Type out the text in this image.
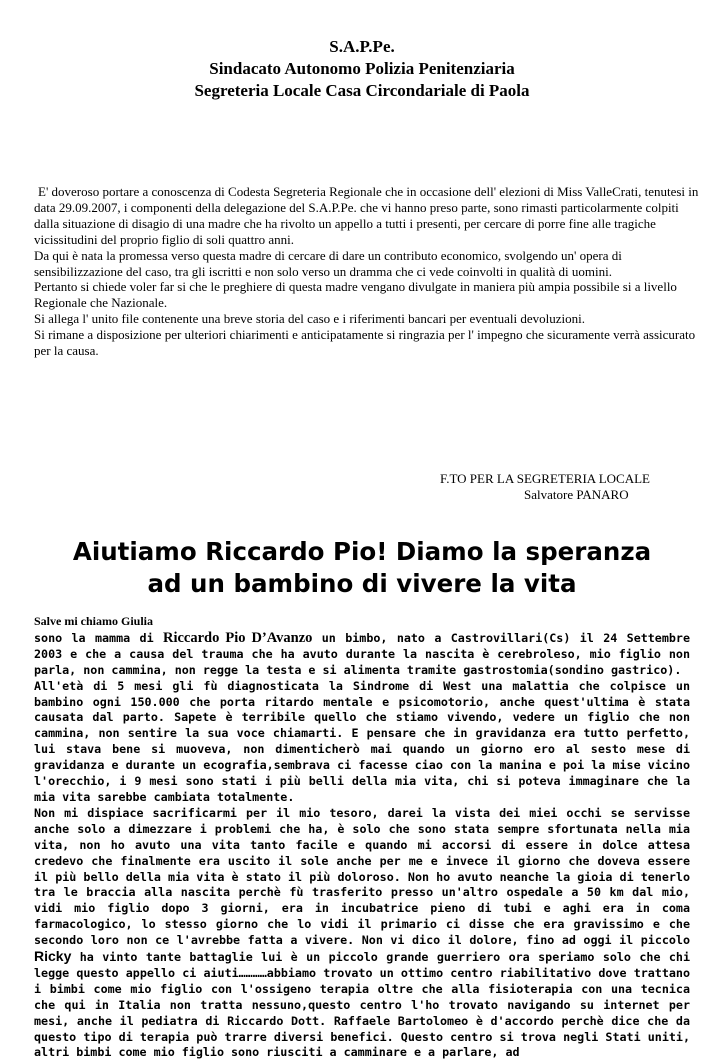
S.A.P.Pe.
Sindacato Autonomo Polizia Penitenziaria
Segreteria Locale Casa Circondariale di Paola

E' doveroso portare a conoscenza di Codesta Segreteria Regionale che in occasione dell' elezioni di Miss ValleCrati, tenutesi in data 29.09.2007, i componenti della delegazione del S.A.P.Pe. che vi hanno preso parte, sono rimasti particolarmente colpiti dalla situazione di disagio di una madre che ha rivolto un appello a tutti i presenti, per cercare di porre fine alle tragiche vicissitudini del proprio figlio di soli quattro anni.

Da qui è nata la promessa verso questa madre di cercare di dare un contributo economico, svolgendo un' opera di sensibilizzazione del caso, tra gli iscritti e non solo verso un dramma che ci vede coinvolti in qualità di uomini.

Pertanto si chiede voler far si che le preghiere di questa madre vengano divulgate in maniera più ampia possibile si a livello Regionale che Nazionale.

Si allega l' unito file contenente una breve storia del caso e i riferimenti bancari per eventuali devoluzioni.

Si rimane a disposizione per ulteriori chiarimenti e anticipatamente si ringrazia per l' impegno che sicuramente verrà assicurato per la causa.

F.TO PER LA SEGRETERIA LOCALE
Salvatore PANARO
Aiutiamo Riccardo Pio! Diamo la speranza
ad un bambino di vivere la vita

Salve mi chiamo Giulia

sono la mamma di Riccardo Pio D’Avanzo un bimbo, nato a Castrovillari(Cs) il 24 Settembre 2003 e che a causa del trauma che ha avuto durante la nascita è cerebroleso, mio figlio non parla, non cammina, non regge la testa e si alimenta tramite gastrostomia(sondino gastrico).

All'età di 5 mesi gli fù diagnosticata la Sindrome di West una malattia che colpisce un bambino ogni 150.000 che porta ritardo mentale e psicomotorio, anche quest'ultima è stata causata dal parto. Sapete è terribile quello che stiamo vivendo, vedere un figlio che non cammina, non sentire la sua voce chiamarti. E pensare che in gravidanza era tutto perfetto, lui stava bene si muoveva, non dimenticherò mai quando un giorno ero al sesto mese di gravidanza e durante un ecografia,sembrava ci facesse ciao con la manina e poi la mise vicino l'orecchio, i 9 mesi sono stati i più belli della mia vita, chi si poteva immaginare che la mia vita sarebbe cambiata totalmente.

Non mi dispiace sacrificarmi per il mio tesoro, darei la vista dei miei occhi se servisse anche solo a dimezzare i problemi che ha, è solo che sono stata sempre sfortunata nella mia vita, non ho avuto una vita tanto facile e quando mi accorsi di essere in dolce attesa credevo che finalmente era uscito il sole anche per me e invece il giorno che doveva essere il più bello della mia vita è stato il più doloroso. Non ho avuto neanche la gioia di tenerlo tra le braccia alla nascita perchè fù trasferito presso un'altro ospedale a 50 km dal mio, vidi mio figlio dopo 3 giorni, era in incubatrice pieno di tubi e aghi era in coma farmacologico, lo stesso giorno che lo vidi il primario ci disse che era gravissimo e che secondo loro non ce l'avrebbe fatta a vivere. Non vi dico il dolore, fino ad oggi il piccolo Ricky ha vinto tante battaglie lui è un piccolo grande guerriero ora speriamo solo che chi legge questo appello ci aiuti…………abbiamo trovato un ottimo centro riabilitativo dove trattano i bimbi come mio figlio con l'ossigeno terapia oltre che alla fisioterapia con una tecnica che qui in Italia non tratta nessuno,questo centro l'ho trovato navigando su internet per mesi, anche il pediatra di Riccardo Dott. Raffaele Bartolomeo è d'accordo perchè dice che da questo tipo di terapia può trarre diversi benefici. Questo centro si trova negli Stati uniti, altri bimbi come mio figlio sono riusciti a camminare e a parlare, ad
